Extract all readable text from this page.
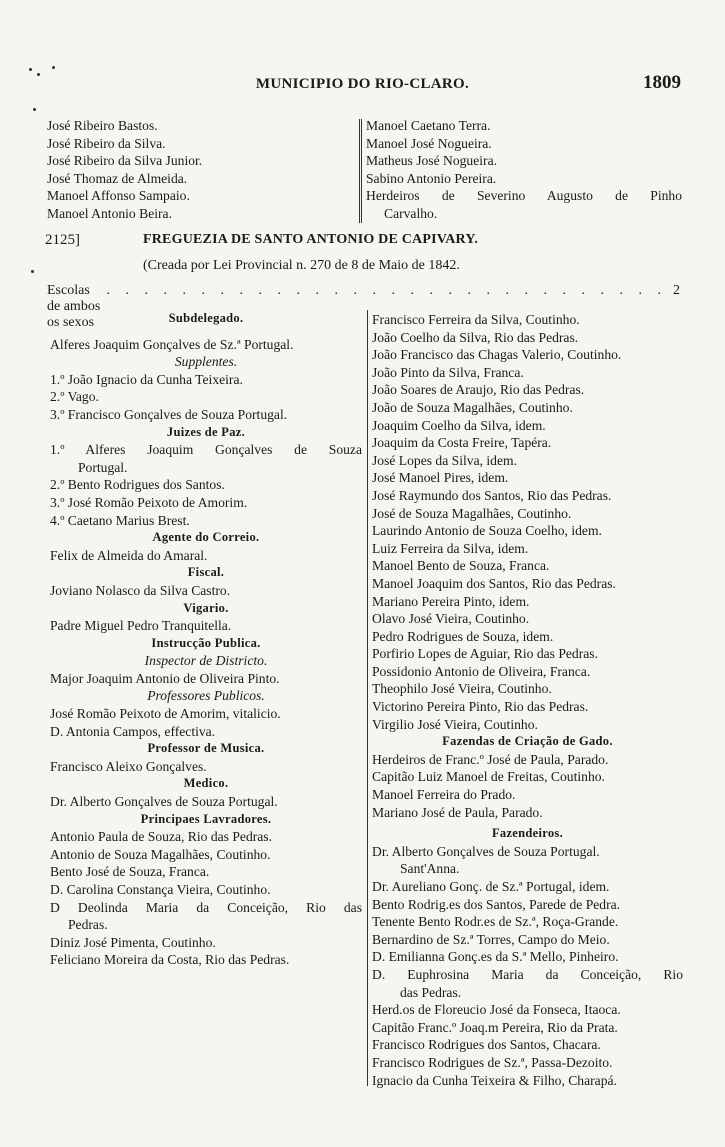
MUNICIPIO DO RIO-CLARO.	1809
José Ribeiro Bastos.
José Ribeiro da Silva.
José Ribeiro da Silva Junior.
José Thomaz de Almeida.
Manoel Affonso Sampaio.
Manoel Antonio Beira.
Manoel Caetano Terra.
Manoel José Nogueira.
Matheus José Nogueira.
Sabino Antonio Pereira.
Herdeiros de Severino Augusto de Pinho
Carvalho.
2125]	FREGUEZIA DE SANTO ANTONIO DE CAPIVARY.
(Creada por Lei Provincial n. 270 de 8 de Maio de 1842.
Escolas de ambos os sexos
. . . . . . . . . . . . . . . . . . . . . . . . . . . . . . 2
Subdelegado.
Alferes Joaquim Gonçalves de Sz.ª Portugal.
Supplentes.
1.º João Ignacio da Cunha Teixeira.
2.º Vago.
3.º Francisco Gonçalves de Souza Portugal.
Juizes de Paz.
1.º Alferes Joaquim Gonçalves de Souza
Portugal.
2.º Bento Rodrigues dos Santos.
3.º José Romão Peixoto de Amorim.
4.º Caetano Marius Brest.
Agente do Correio.
Felix de Almeida do Amaral.
Fiscal.
Joviano Nolasco da Silva Castro.
Vigario.
Padre Miguel Pedro Tranquitella.
Instrucção Publica.
Inspector de Districto.
Major Joaquim Antonio de Oliveira Pinto.
Professores Publicos.
José Romão Peixoto de Amorim, vitalicio.
D. Antonia Campos, effectiva.
Professor de Musica.
Francisco Aleixo Gonçalves.
Medico.
Dr. Alberto Gonçalves de Souza Portugal.
Principaes Lavradores.
Antonio Paula de Souza, Rio das Pedras.
Antonio de Souza Magalhães, Coutinho.
Bento José de Souza, Franca.
D. Carolina Constança Vieira, Coutinho.
D Deolinda Maria da Conceição, Rio das
Pedras.
Diniz José Pimenta, Coutinho.
Feliciano Moreira da Costa, Rio das Pedras.
Francisco Ferreira da Silva, Coutinho.
João Coelho da Silva, Rio das Pedras.
João Francisco das Chagas Valerio, Coutinho.
João Pinto da Silva, Franca.
João Soares de Araujo, Rio das Pedras.
João de Souza Magalhães, Coutinho.
Joaquim Coelho da Silva, idem.
Joaquim da Costa Freire, Tapéra.
José Lopes da Silva, idem.
José Manoel Pires, idem.
José Raymundo dos Santos, Rio das Pedras.
José de Souza Magalhães, Coutinho.
Laurindo Antonio de Souza Coelho, idem.
Luiz Ferreira da Silva, idem.
Manoel Bento de Souza, Franca.
Manoel Joaquim dos Santos, Rio das Pedras.
Mariano Pereira Pinto, idem.
Olavo José Vieira, Coutinho.
Pedro Rodrigues de Souza, idem.
Porfirio Lopes de Aguiar, Rio das Pedras.
Possidonio Antonio de Oliveira, Franca.
Theophilo José Vieira, Coutinho.
Victorino Pereira Pinto, Rio das Pedras.
Virgilio José Vieira, Coutinho.
Fazendas de Criação de Gado.
Herdeiros de Franc.º José de Paula, Parado.
Capitão Luiz Manoel de Freitas, Coutinho.
Manoel Ferreira do Prado.
Mariano José de Paula, Parado.
Fazendeiros.
Dr. Alberto Gonçalves de Souza Portugal.
Sant'Anna.
Dr. Aureliano Gonç. de Sz.ª Portugal, idem.
Bento Rodrig.es dos Santos, Parede de Pedra.
Tenente Bento Rodr.es de Sz.ª, Roça-Grande.
Bernardino de Sz.ª Torres, Campo do Meio.
D. Emilianna Gonç.es da S.ª Mello, Pinheiro.
D. Euphrosina Maria da Conceição, Rio
das Pedras.
Herd.os de Floreucio José da Fonseca, Itaoca.
Capitão Franc.º Joaq.m Pereira, Rio da Prata.
Francisco Rodrigues dos Santos, Chacara.
Francisco Rodrigues de Sz.ª, Passa-Dezoito.
Ignacio da Cunha Teixeira & Filho, Charapá.
